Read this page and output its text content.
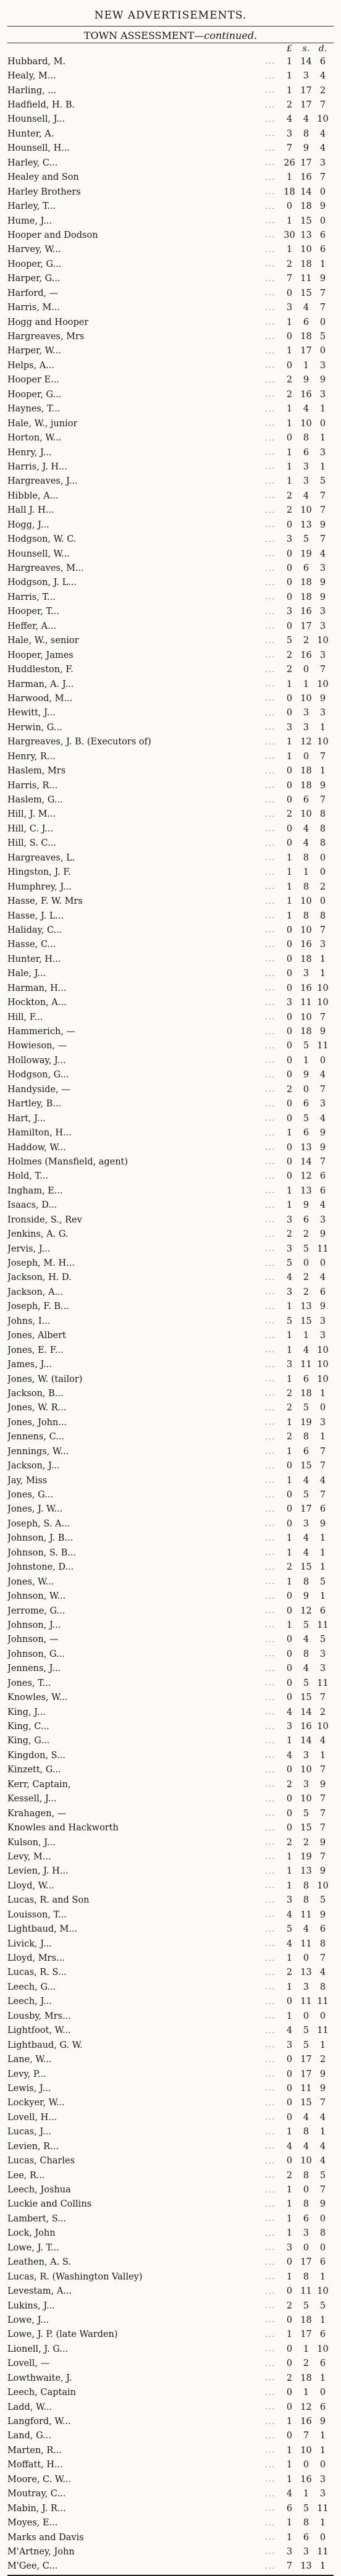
NEW ADVERTISEMENTS.
TOWN ASSESSMENT—continued.
£	s.	d.
Hubbard, M.	...	1 14 6
Healy, M...	...	1	3	4
Harling, ...	...	1 17 2
Hadfield, H. B.	...	2 17 7
Hounsell, J...	...	4	4 10
Hunter, A.	...	3	8	4
Hounsell, H...	...	7	9	4
Harley, C...	... 26 17 3
Healey and Son	...	1 16 7
Harley Brothers	... 18 14 0
Harley, T...	...	0 18 9
Hume, J...	...	1 15 0
Hooper and Dodson	... 30 13 6
Harvey, W...	...	1 10 6
Hooper, G...	...	2 18 1
Harper, G...	...	7 11 9
Harford, —	...	0 15 7
Harris, M...	...	3	4	7
Hogg and Hooper	...	1	6	0
Hargreaves, Mrs	...	0 18 5
Harper, W...	...	1 17 0
Helps, A...	...	0	1	3
Hooper E...	...	2	9	9
Hooper, G...	...	2 16 3
Haynes, T...	...	1	4	1
Hale, W., junior	...	1 10 0
Horton, W...	...	0	8	1
Henry, J...	...	1	6	3
Harris, J. H...	...	1	3	1
Hargreaves, J...	...	1	3	5
Hibble, A...	...	2	4	7
Hall J. H...	...	2 10 7
Hogg, J...	...	0 13 9
Hodgson, W. C.	...	3	5	7
Hounsell, W...	...	0 19 4
Hargreaves, M...	...	0	6	3
Hodgson, J. L...	...	0 18 9
Harris, T...	...	0 18 9
Hooper, T...	...	3 16 3
Heffer, A...	...	0 17 3
Hale, W., senior	...	5	2 10
Hooper, James	...	2 16 3
Huddleston, F.	...	2	0	7
Harman, A. J...	...	1	1 10
Harwood, M...	...	0 10 9
Hewitt, J...	...	0	3	3
Herwin, G...	...	3	3	1
Hargreaves, J. B. (Executors of)	...	1 12 10
Henry, R...	...	1	0	7
Haslem, Mrs	...	0 18 1
Harris, R...	...	0 18 9
Haslem, G...	...	0	6	7
Hill, J. M...	...	2 10 8
Hill, C. J...	...	0	4	8
Hill, S. C...	...	0	4	8
Hargreaves, L.	...	1	8	0
Hingston, J. F.	...	1	1	0
Humphrey, J...	...	1	8	2
Hasse, F. W. Mrs	...	1 10 0
Hasse, J. L...	...	1	8	8
Haliday, C...	...	0 10 7
Hasse, C...	...	0 16 3
Hunter, H...	...	0 18 1
Hale, J...	...	0	3	1
Harman, H...	...	0 16 10
Hockton, A...	...	3 11 10
Hill, F...	...	0 10 7
Hammerich, —	...	0 18 9
Howieson, —	...	0	5 11
Holloway, J...	...	0	1	0
Hodgson, G...	...	0	9	4
Handyside, —	...	2	0	7
Hartley, B...	...	0	6	3
Hart, J...	...	0	5	4
Hamilton, H...	...	1	6	9
Haddow, W...	...	0 13 9
Holmes (Mansfield, agent)	...	0 14 7
Hold, T...	...	0 12 6
Ingham, E...	...	1 13 6
Isaacs, D...	...	1	9	4
Ironside, S., Rev	...	3	6	3
Jenkins, A. G.	...	2	2	9
Jervis, J...	...	3	5 11
Joseph, M. H...	...	5	0	0
Jackson, H. D.	...	4	2	4
Jackson, A...	...	3	2	6
Joseph, F. B...	...	1 13 9
Johns, I...	...	5 15 3
Jones, Albert	...	1	1	3
Jones, E. F...	...	1	4 10
James, J...	...	3 11 10
Jones, W. (tailor)	...	1	6 10
Jackson, B...	...	2 18 1
Jones, W. R...	...	2	5	0
Jones, John...	...	1 19 3
Jennens, C...	...	2	8	1
Jennings, W...	...	1	6	7
Jackson, J...	...	0 15 7
Jay, Miss	...	1	4	4
Jones, G...	...	0	5	7
Jones, J. W...	...	0 17 6
Joseph, S. A...	...	0	3	9
Johnson, J. B...	...	1	4	1
Johnson, S. B...	...	1	4	1
Johnstone, D...	...	2 15 1
Jones, W...	...	1	8	5
Johnson, W...	...	0	9	1
Jerrome, G...	...	0 12 6
Johnson, J...	...	1	5 11
Johnson, —	...	0	4	5
Johnson, G...	...	0	8	3
Jennens, J...	...	0	4	3
Jones, T...	...	0	5 11
Knowles, W...	...	0 15 7
King, J...	...	4 14 2
King, C...	...	3 16 10
King, G...	...	1 14 4
Kingdon, S...	...	4	3	1
Kinzett, G...	...	0 10 7
Kerr, Captain,	...	2	3	9
Kessell, J...	...	0 10 7
Krahagen, —	...	0	5	7
Knowles and Hackworth	...	0 15 7
Kulson, J...	...	2	2	9
Levy, M...	...	1 19 7
Levien, J. H...	...	1 13 9
Lloyd, W...	...	1	8 10
Lucas, R. and Son	...	3	8	5
Louisson, T...	...	4 11 9
Lightbaud, M...	...	5	4	6
Livick, J...	...	4 11 8
Lloyd, Mrs...	...	1	0	7
Lucas, R. S...	...	2 13 4
Leech, G...	...	1	3	8
Leech, J...	...	0 11 11
Lousby, Mrs...	...	1	0	0
Lightfoot, W...	...	4	5 11
Lightbaud, G. W.	...	3	5	1
Lane, W...	...	0 17 2
Levy, P...	...	0 17 9
Lewis, J...	...	0 11 9
Lockyer, W...	...	0 15 7
Lovell, H...	...	0	4	4
Lucas, J...	...	1	8	1
Levien, R...	...	4	4	4
Lucas, Charles	...	0 10 4
Lee, R...	...	2	8	5
Leech, Joshua	...	1	0	7
Luckie and Collins	...	1	8	9
Lambert, S...	...	1	6	0
Lock, John	...	1	3	8
Lowe, J. T...	...	3	0	0
Leathen, A. S.	...	0 17 6
Lucas, R. (Washington Valley)	...	1	8	1
Levestam, A...	...	0 11 10
Lukins, J...	...	2	5	5
Lowe, J...	...	0 18 1
Lowe, J. P. (late Warden)	...	1 17 6
Lionell, J. G...	...	0	1 10
Lovell, —	...	0	2	6
Lowthwaite, J.	...	2 18 1
Leech, Captain	...	0	1	0
Ladd, W...	...	0 12 6
Langford, W...	...	1 16 9
Land, G...	...	0	7	1
Marten, R...	...	1 10 1
Moffatt, H...	...	1	0	0
Moore, C. W...	...	1 16 3
Moutray, C...	...	4	1	3
Mabin, J. R...	...	6	5 11
Moyes, E...	...	1	8	1
Marks and Davis	...	1	6	0
M'Artney, John	...	3	3 11
M'Gee, C...	...	7 13 1
